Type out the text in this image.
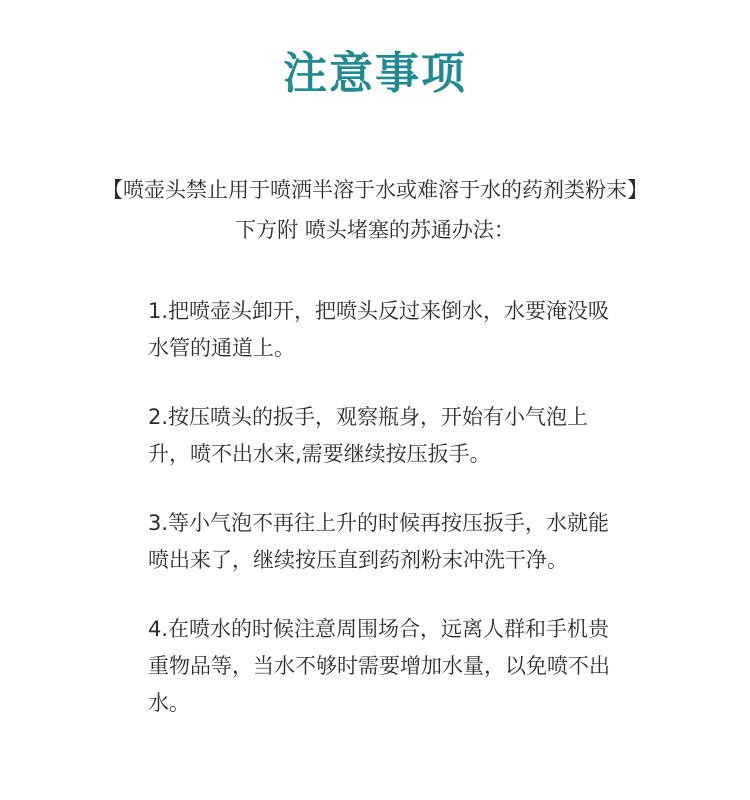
注意事项
【喷壶头禁止用于喷洒半溶于水或难溶于水的药剂类粉末】
下方附 喷头堵塞的苏通办法：

1.把喷壶头卸开，把喷头反过来倒水，水要淹没吸水管的通道上。

2.按压喷头的扳手，观察瓶身，开始有小气泡上升，喷不出水来,需要继续按压扳手。

3.等小气泡不再往上升的时候再按压扳手，水就能喷出来了，继续按压直到药剂粉末冲洗干净。

4.在喷水的时候注意周围场合，远离人群和手机贵重物品等，当水不够时需要增加水量，以免喷不出水。
